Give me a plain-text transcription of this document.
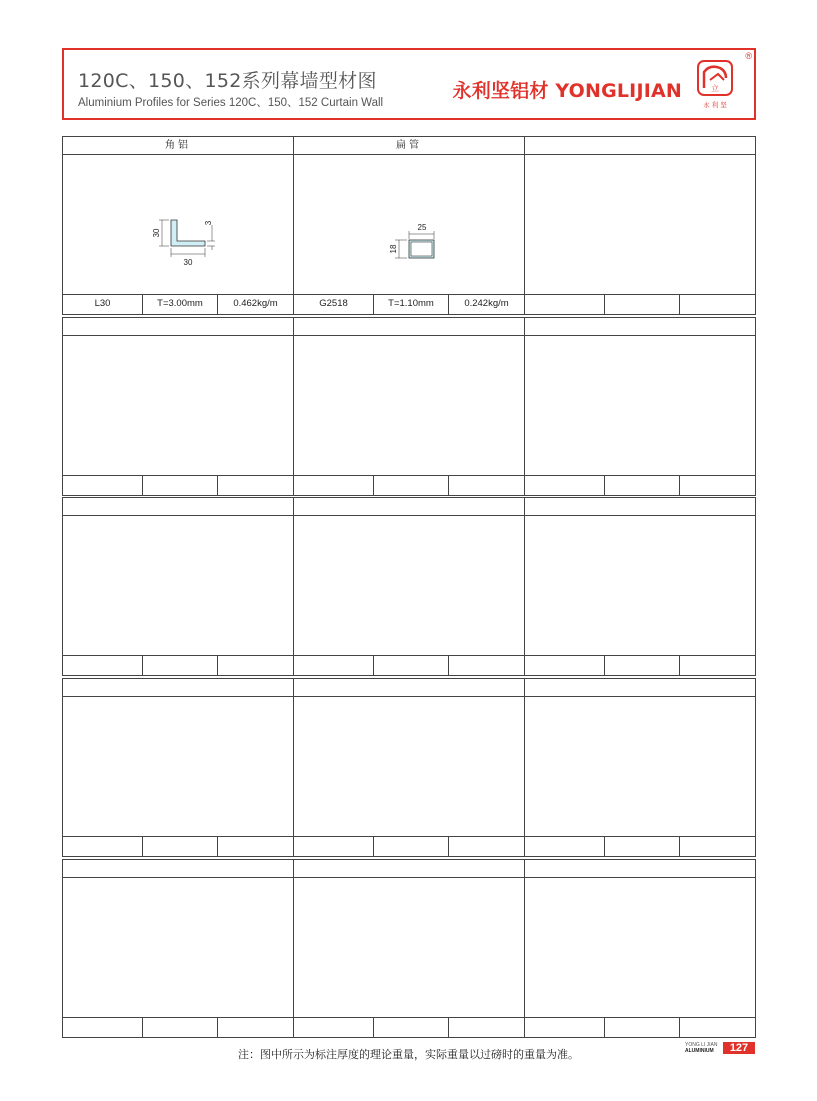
120C、150、152系列幕墙型材图
Aluminium Profiles for Series 120C、150、152 Curtain Wall
永利坚铝材 YONGLIJIAN	立
永 利 坚
®
角铝	扁管
30
30
3	25
18
L30	T=3.00mm	0.462kg/m	G2518	T=1.10mm	0.242kg/m
注：图中所示为标注厚度的理论重量，实际重量以过磅时的重量为准。
YONG LI JIAN
ALUMINIUM	127
